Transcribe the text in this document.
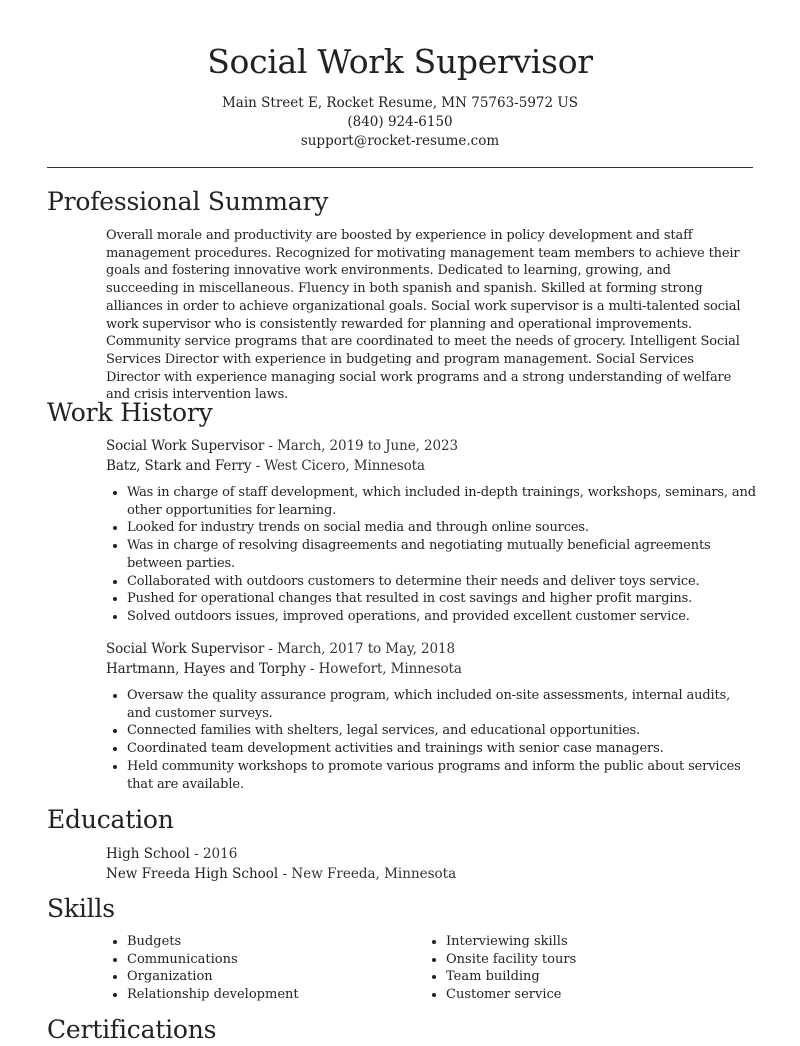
Social Work Supervisor
Main Street E, Rocket Resume, MN 75763-5972 US
(840) 924-6150
support@rocket-resume.com
Professional Summary
Overall morale and productivity are boosted by experience in policy development and staff management procedures. Recognized for motivating management team members to achieve their goals and fostering innovative work environments. Dedicated to learning, growing, and succeeding in miscellaneous. Fluency in both spanish and spanish. Skilled at forming strong alliances in order to achieve organizational goals. Social work supervisor is a multi-talented social work supervisor who is consistently rewarded for planning and operational improvements. Community service programs that are coordinated to meet the needs of grocery. Intelligent Social Services Director with experience in budgeting and program management. Social Services Director with experience managing social work programs and a strong understanding of welfare and crisis intervention laws.
Work History
Social Work Supervisor - March, 2019 to June, 2023
Batz, Stark and Ferry - West Cicero, Minnesota
• Was in charge of staff development, which included in-depth trainings, workshops, seminars, and other opportunities for learning.
• Looked for industry trends on social media and through online sources.
• Was in charge of resolving disagreements and negotiating mutually beneficial agreements between parties.
• Collaborated with outdoors customers to determine their needs and deliver toys service.
• Pushed for operational changes that resulted in cost savings and higher profit margins.
• Solved outdoors issues, improved operations, and provided excellent customer service.
Social Work Supervisor - March, 2017 to May, 2018
Hartmann, Hayes and Torphy - Howefort, Minnesota
• Oversaw the quality assurance program, which included on-site assessments, internal audits, and customer surveys.
• Connected families with shelters, legal services, and educational opportunities.
• Coordinated team development activities and trainings with senior case managers.
• Held community workshops to promote various programs and inform the public about services that are available.
Education
High School - 2016
New Freeda High School - New Freeda, Minnesota
Skills
• Budgets
• Communications
• Organization
• Relationship development
• Interviewing skills
• Onsite facility tours
• Team building
• Customer service
Certifications
